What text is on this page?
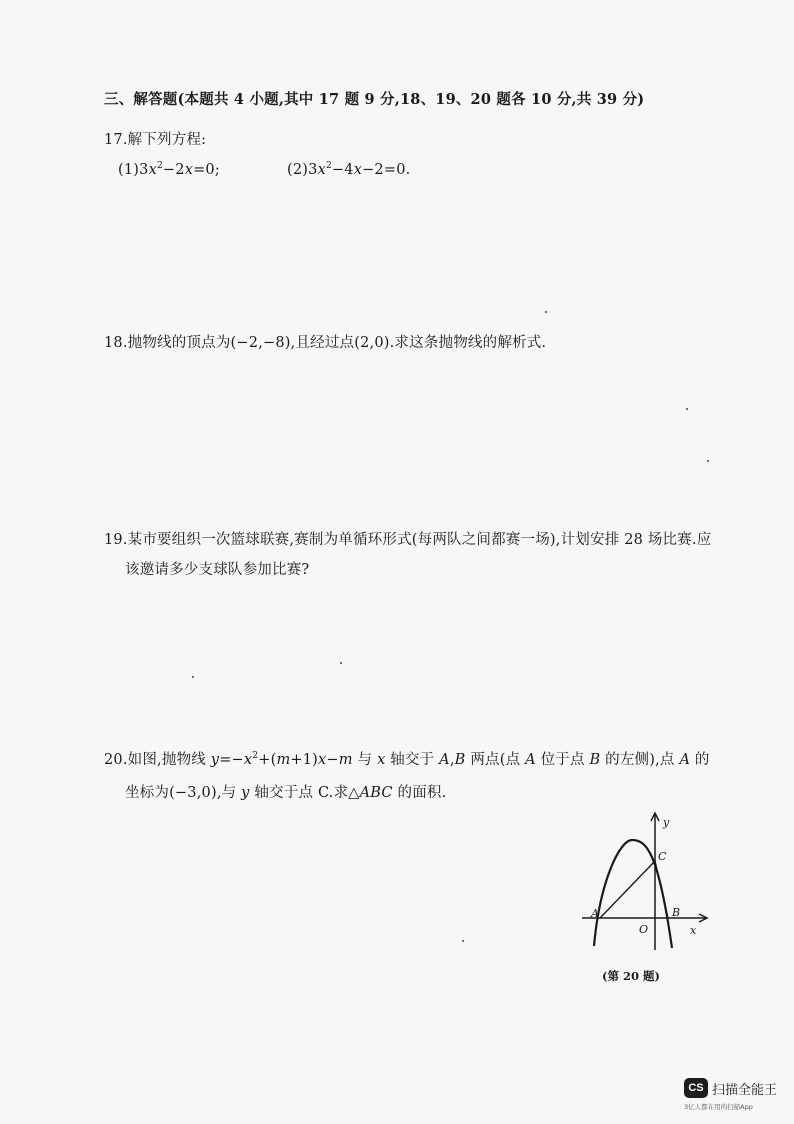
三、解答题(本题共 4 小题,其中 17 题 9 分,18、19、20 题各 10 分,共 39 分)
17.解下列方程:
$(1)3x^2-2x=0$;	$(2)3x^2-4x-2=0$.
18.抛物线的顶点为(−2,−8),且经过点(2,0).求这条抛物线的解析式.
19.某市要组织一次篮球联赛,赛制为单循环形式(每两队之间都赛一场),计划安排 28 场比赛.应
该邀请多少支球队参加比赛?
20.如图,抛物线 $y=-x^2+(m+1)x-m$ 与 x 轴交于 A,B 两点(点 A 位于点 B 的左侧),点 A 的
坐标为(−3,0),与 y 轴交于点 C.求△ABC 的面积.
y
x
C
A	B
O
(第 20 题)
CS 扫描全能王
3亿人都在用的扫描App
